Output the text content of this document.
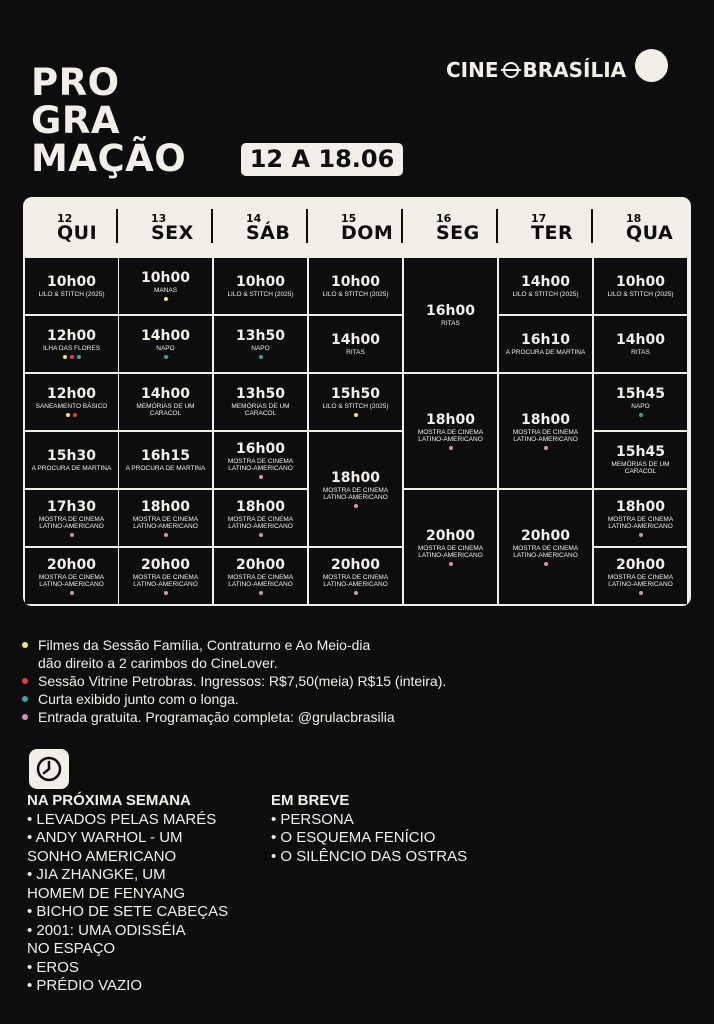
PRO
GRA
MAÇÃO	12 A 18.06
CINE BRASÍLIA
12
QUI
13
SEX
14
SÁB
15
DOM
16
SEG
17
TER
18
QUA
10h00
LILO & STITCH (2025)
12h00
ILHA DAS FLORES
12h00
SANEAMENTO BÁSICO
15h30
A PROCURA DE MARTINA
17h30
MOSTRA DE CINEMA LATINO-AMERICANO
20h00
MOSTRA DE CINEMA LATINO-AMERICANO
10h00
MANAS
14h00
NAPO
14h00
MEMÓRIAS DE UM CARACOL
16h15
A PROCURA DE MARTINA
18h00
MOSTRA DE CINEMA LATINO-AMERICANO
20h00
MOSTRA DE CINEMA LATINO-AMERICANO
10h00
LILO & STITCH (2025)
13h50
NAPO
13h50
MEMÓRIAS DE UM CARACOL
16h00
MOSTRA DE CINEMA LATINO-AMERICANO
18h00
MOSTRA DE CINEMA LATINO-AMERICANO
20h00
MOSTRA DE CINEMA LATINO-AMERICANO
10h00
LILO & STITCH (2025)
14h00
RITAS
15h50
LILO & STITCH (2025)
18h00
MOSTRA DE CINEMA LATINO-AMERICANO
20h00
MOSTRA DE CINEMA LATINO-AMERICANO
16h00
RITAS
18h00
MOSTRA DE CINEMA LATINO-AMERICANO
20h00
MOSTRA DE CINEMA LATINO-AMERICANO
14h00
LILO & STITCH (2025)
16h10
A PROCURA DE MARTINA
18h00
MOSTRA DE CINEMA LATINO-AMERICANO
20h00
MOSTRA DE CINEMA LATINO-AMERICANO
10h00
LILO & STITCH (2025)
14h00
RITAS
15h45
NAPO
15h45
MEMÓRIAS DE UM CARACOL
18h00
MOSTRA DE CINEMA LATINO-AMERICANO
20h00
MOSTRA DE CINEMA LATINO-AMERICANO
Filmes da Sessão Família, Contraturno e Ao Meio-dia
dão direito a 2 carimbos do CineLover.
Sessão Vitrine Petrobras. Ingressos: R$7,50(meia) R$15 (inteira).
Curta exibido junto com o longa.
Entrada gratuita. Programação completa: @grulacbrasilia
NA PRÓXIMA SEMANA
• LEVADOS PELAS MARÉS
• ANDY WARHOL - UM
SONHO AMERICANO
• JIA ZHANGKE, UM
HOMEM DE FENYANG
• BICHO DE SETE CABEÇAS
• 2001: UMA ODISSÉIA
NO ESPAÇO
• EROS
• PRÉDIO VAZIO
EM BREVE
• PERSONA
• O ESQUEMA FENÍCIO
• O SILÊNCIO DAS OSTRAS
